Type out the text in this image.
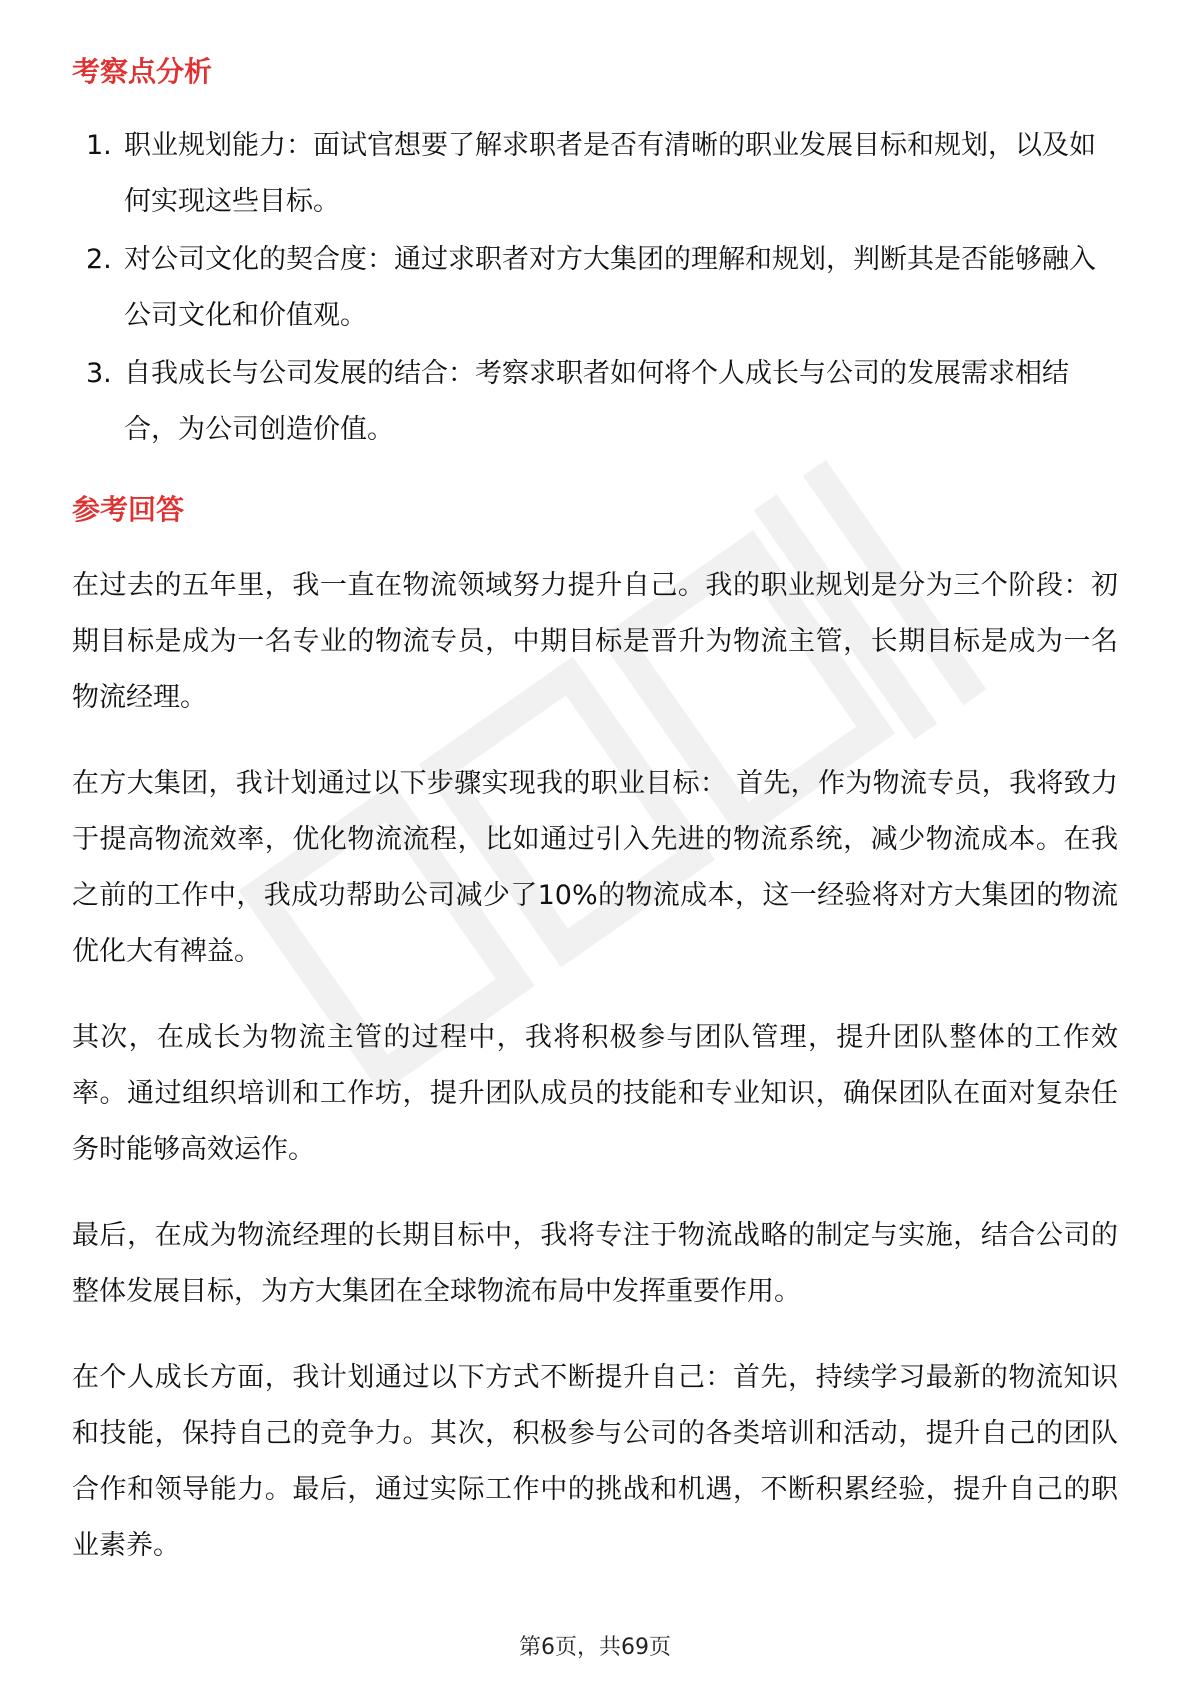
考察点分析
1. 职业规划能力：面试官想要了解求职者是否有清晰的职业发展目标和规划，以及如何实现这些目标。
2. 对公司文化的契合度：通过求职者对方大集团的理解和规划，判断其是否能够融入公司文化和价值观。
3. 自我成长与公司发展的结合：考察求职者如何将个人成长与公司的发展需求相结合，为公司创造价值。
参考回答

在过去的五年里，我一直在物流领域努力提升自己。我的职业规划是分为三个阶段：初期目标是成为一名专业的物流专员，中期目标是晋升为物流主管，长期目标是成为一名物流经理。

在方大集团，我计划通过以下步骤实现我的职业目标： 首先，作为物流专员，我将致力于提高物流效率，优化物流流程，比如通过引入先进的物流系统，减少物流成本。在我之前的工作中，我成功帮助公司减少了10%的物流成本，这一经验将对方大集团的物流优化大有裨益。

其次，在成长为物流主管的过程中，我将积极参与团队管理，提升团队整体的工作效率。通过组织培训和工作坊，提升团队成员的技能和专业知识，确保团队在面对复杂任务时能够高效运作。

最后，在成为物流经理的长期目标中，我将专注于物流战略的制定与实施，结合公司的整体发展目标，为方大集团在全球物流布局中发挥重要作用。

在个人成长方面，我计划通过以下方式不断提升自己：首先，持续学习最新的物流知识和技能，保持自己的竞争力。其次，积极参与公司的各类培训和活动，提升自己的团队合作和领导能力。最后，通过实际工作中的挑战和机遇，不断积累经验，提升自己的职业素养。

第6页，共69页
